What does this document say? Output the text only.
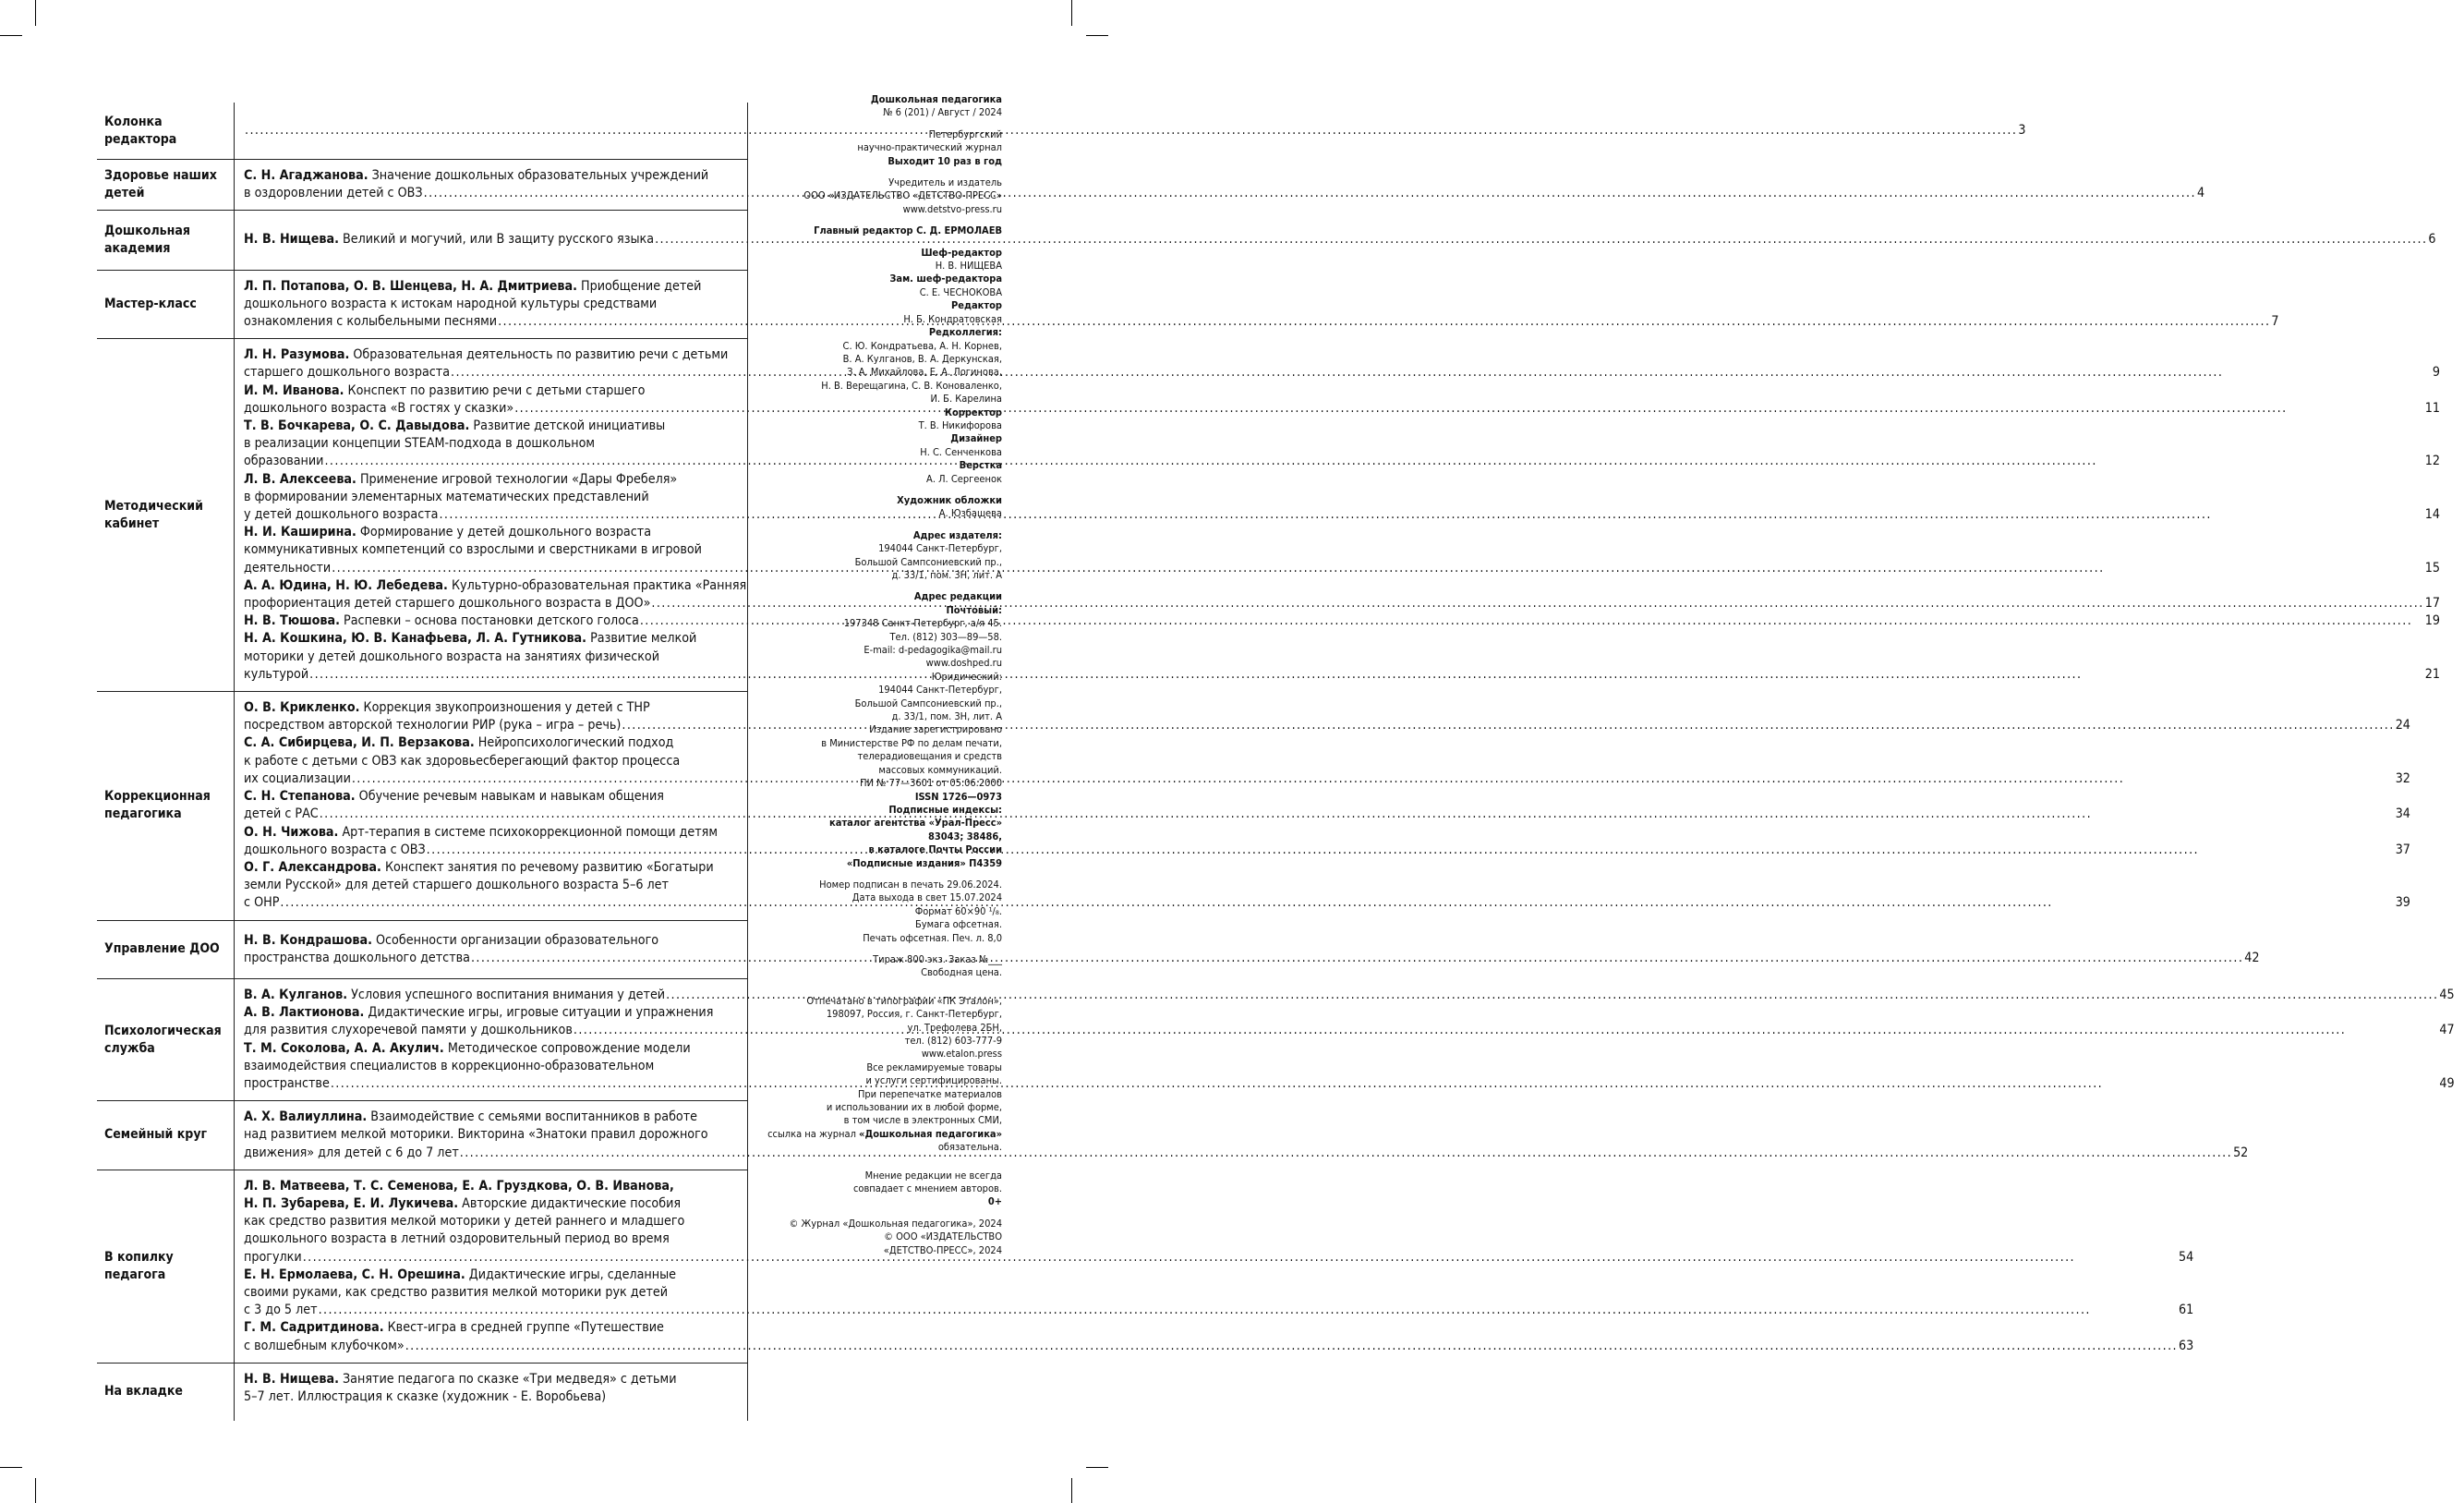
Колонка редактора
.....
3
Здоровье наших детей
С. Н. Агаджанова. Значение дошкольных образовательных учреждений
в оздоровлении детей с ОВЗ .....	4
Дошкольная академия
Н. В. Нищева. Великий и могучий, или В защиту русского языка .....	6
Мастер-класс
Л. П. Потапова, О. В. Шенцева, Н. А. Дмитриева. Приобщение детей
дошкольного возраста к истокам народной культуры средствами
ознакомления с колыбельными песнями .....	7
Методический кабинет
Л. Н. Разумова. Образовательная деятельность по развитию речи с детьми
старшего дошкольного возраста .....	9
И. М. Иванова. Конспект по развитию речи с детьми старшего
дошкольного возраста «В гостях у сказки» .....	11
Т. В. Бочкарева, О. С. Давыдова. Развитие детской инициативы
в реализации концепции STEAM-подхода в дошкольном
образовании .....	12
Л. В. Алексеева. Применение игровой технологии «Дары Фребеля»
в формировании элементарных математических представлений
у детей дошкольного возраста .....	14
Н. И. Каширина. Формирование у детей дошкольного возраста
коммуникативных компетенций со взрослыми и сверстниками в игровой
деятельности .....	15
А. А. Юдина, Н. Ю. Лебедева. Культурно-образовательная практика «Ранняя
профориентация детей старшего дошкольного возраста в ДОО» .....	17
Н. В. Тюшова. Распевки – основа постановки детского голоса .....	19
Н. А. Кошкина, Ю. В. Канафьева, Л. А. Гутникова. Развитие мелкой
моторики у детей дошкольного возраста на занятиях физической
культурой .....	21
Коррекционная педагогика
О. В. Крикленко. Коррекция звукопроизношения у детей с ТНР
посредством авторской технологии РИР (рука – игра – речь) .....	24
С. А. Сибирцева, И. П. Верзакова. Нейропсихологический подход
к работе с детьми с ОВЗ как здоровьесберегающий фактор процесса
их социализации .....	32
С. Н. Степанова. Обучение речевым навыкам и навыкам общения
детей с РАС .....	34
О. Н. Чижова. Арт-терапия в системе психокоррекционной помощи детям
дошкольного возраста с ОВЗ .....	37
О. Г. Александрова. Конспект занятия по речевому развитию «Богатыри
земли Русской» для детей старшего дошкольного возраста 5–6 лет
с ОНР .....	39
Управление ДОО
Н. В. Кондрашова. Особенности организации образовательного
пространства дошкольного детства .....	42
Психологическая служба
В. А. Кулганов. Условия успешного воспитания внимания у детей .....	45
А. В. Лактионова. Дидактические игры, игровые ситуации и упражнения
для развития слухоречевой памяти у дошкольников .....	47
Т. М. Соколова, А. А. Акулич. Методическое сопровождение модели
взаимодействия специалистов в коррекционно-образовательном
пространстве .....	49
Семейный круг
А. Х. Валиуллина. Взаимодействие с семьями воспитанников в работе
над развитием мелкой моторики. Викторина «Знатоки правил дорожного
движения» для детей с 6 до 7 лет .....	52
В копилку педагога
Л. В. Матвеева, Т. С. Семенова, Е. А. Груздкова, О. В. Иванова,
Н. П. Зубарева, Е. И. Лукичева. Авторские дидактические пособия
как средство развития мелкой моторики у детей раннего и младшего
дошкольного возраста в летний оздоровительный период во время
прогулки .....	54
Е. Н. Ермолаева, С. Н. Орешина. Дидактические игры, сделанные
своими руками, как средство развития мелкой моторики рук детей
с 3 до 5 лет .....	61
Г. М. Садритдинова. Квест-игра в средней группе «Путешествие
с волшебным клубочком» .....	63
На вкладке
Н. В. Нищева. Занятие педагога по сказке «Три медведя» с детьми
5–7 лет. Иллюстрация к сказке (художник - Е. Воробьева)
Дошкольная педагогика
№ 6 (201) / Август / 2024
Петербургский
научно-практический журнал
Выходит 10 раз в год
Учредитель и издатель
ООО «ИЗДАТЕЛЬСТВО «ДЕТСТВО-ПРЕСС»
www.detstvo-press.ru
Главный редактор С. Д. ЕРМОЛАЕВ
Шеф-редактор
Н. В. НИЩЕВА
Зам. шеф-редактора
С. Е. ЧЕСНОКОВА
Редактор
Н. Б. Кондратовская
Редколлегия:
С. Ю. Кондратьева, А. Н. Корнев,
В. А. Кулганов, В. А. Деркунская,
З. А. Михайлова, Е. А. Логинова,
Н. В. Верещагина, С. В. Коноваленко,
И. Б. Карелина
Корректор
Т. В. Никифорова
Дизайнер
Н. С. Сенченкова
Верстка
А. Л. Сергеенок
Художник обложки
А. Юзбашева
Адрес издателя:
194044 Санкт-Петербург,
Большой Сампсониевский пр.,
д. 33/1, пом. 3Н, лит. А
Адрес редакции
Почтовый:
197348 Санкт-Петербург, а/я 45.
Тел. (812) 303—89—58.
E-mail: d-pedagogika@mail.ru
www.doshped.ru
Юридический:
194044 Санкт-Петербург,
Большой Сампсониевский пр.,
д. 33/1, пом. 3Н, лит. А
Издание зарегистрировано
в Министерстве РФ по делам печати,
телерадиовещания и средств
массовых коммуникаций.
ПИ № 77—3601 от 05.06.2000
ISSN 1726—0973
Подписные индексы:
каталог агентства «Урал-Пресс»
83043; 38486,
в каталоге Почты России
«Подписные издания» П4359
Номер подписан в печать 29.06.2024.
Дата выхода в свет 15.07.2024
Формат 60×90 ¹/₈.
Бумага офсетная.
Печать офсетная. Печ. л. 8,0
Тираж 800 экз. Заказ №___
Свободная цена.
Отпечатано в типографии «ПК Эталон»,
198097, Россия, г. Санкт-Петербург,
ул. Трефолева 2БН,
тел. (812) 603-777-9
www.etalon.press
Все рекламируемые товары
и услуги сертифицированы.
При перепечатке материалов
и использовании их в любой форме,
в том числе в электронных СМИ,
ссылка на журнал «Дошкольная педагогика»
обязательна.
Мнение редакции не всегда
совпадает с мнением авторов.
0+
© Журнал «Дошкольная педагогика», 2024
© ООО «ИЗДАТЕЛЬСТВО
«ДЕТСТВО-ПРЕСС», 2024
